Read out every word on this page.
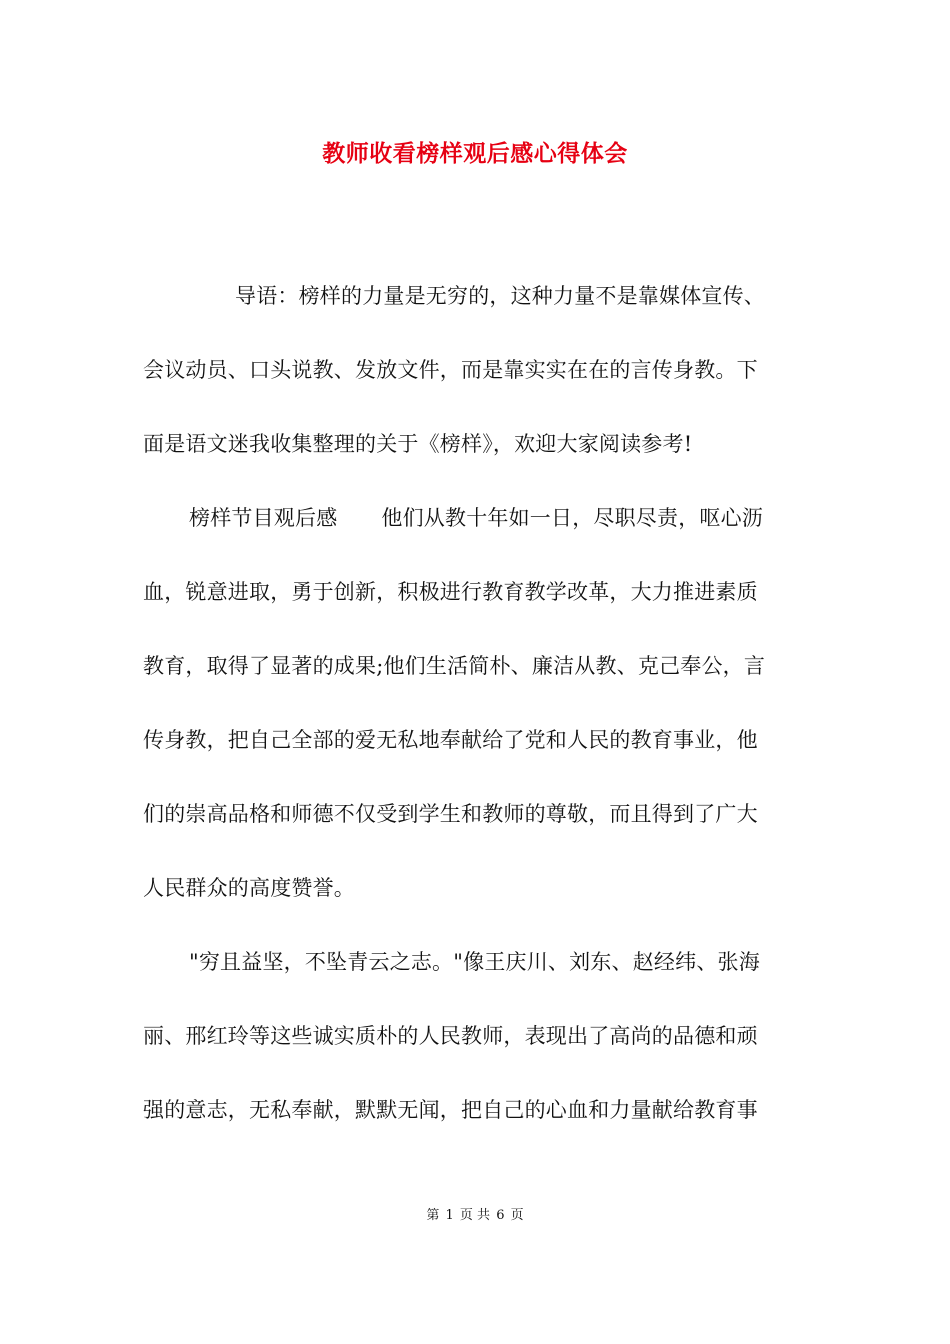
教师收看榜样观后感心得体会
导语：榜样的力量是无穷的，这种力量不是靠媒体宣传、
会议动员、口头说教、发放文件，而是靠实实在在的言传身教。下
面是语文迷我收集整理的关于《榜样》，欢迎大家阅读参考!
榜样节目观后感 他们从教十年如一日，尽职尽责，呕心沥
血，锐意进取，勇于创新，积极进行教育教学改革，大力推进素质
教育，取得了显著的成果;他们生活简朴、廉洁从教、克己奉公，言
传身教，把自己全部的爱无私地奉献给了党和人民的教育事业，他
们的崇高品格和师德不仅受到学生和教师的尊敬，而且得到了广大
人民群众的高度赞誉。
"穷且益坚，不坠青云之志。"像王庆川、刘东、赵经纬、张海
丽、邢红玲等这些诚实质朴的人民教师，表现出了高尚的品德和顽
强的意志，无私奉献，默默无闻，把自己的心血和力量献给教育事
第 1 页 共 6 页
